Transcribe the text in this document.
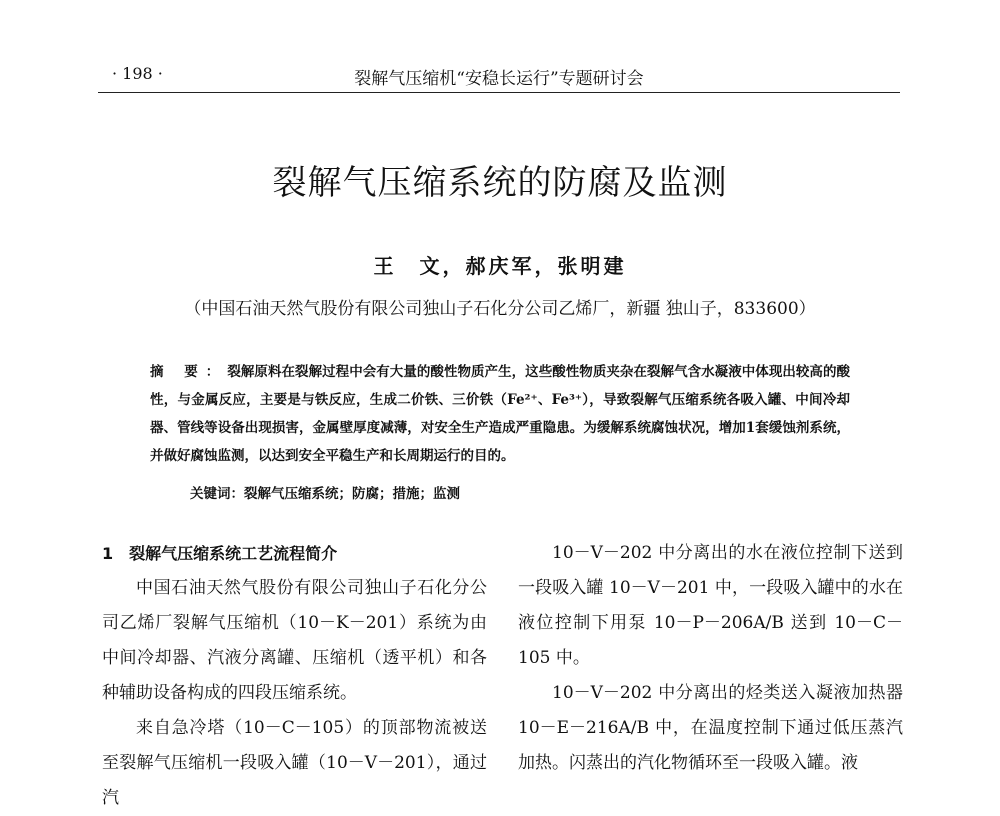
· 198 ·	裂解气压缩机“安稳长运行”专题研讨会
裂解气压缩系统的防腐及监测
王　文，郝庆军，张明建
（中国石油天然气股份有限公司独山子石化分公司乙烯厂，新疆 独山子，833600）
摘 要：裂解原料在裂解过程中会有大量的酸性物质产生，这些酸性物质夹杂在裂解气含水凝液中体现出较高的酸性，与金属反应，主要是与铁反应，生成二价铁、三价铁（Fe²⁺、Fe³⁺），导致裂解气压缩系统各吸入罐、中间冷却器、管线等设备出现损害，金属壁厚度减薄，对安全生产造成严重隐患。为缓解系统腐蚀状况，增加1套缓蚀剂系统，并做好腐蚀监测，以达到安全平稳生产和长周期运行的目的。
关键词：裂解气压缩系统；防腐；措施；监测

1　裂解气压缩系统工艺流程简介

中国石油天然气股份有限公司独山子石化分公司乙烯厂裂解气压缩机（10－K－201）系统为由中间冷却器、汽液分离罐、压缩机（透平机）和各种辅助设备构成的四段压缩系统。

来自急冷塔（10－C－105）的顶部物流被送至裂解气压缩机一段吸入罐（10－V－201），通过汽

10－V－202 中分离出的水在液位控制下送到一段吸入罐 10－V－201 中，一段吸入罐中的水在液位控制下用泵 10－P－206A/B 送到 10－C－105 中。

10－V－202 中分离出的烃类送入凝液加热器 10－E－216A/B 中，在温度控制下通过低压蒸汽加热。闪蒸出的汽化物循环至一段吸入罐。液
